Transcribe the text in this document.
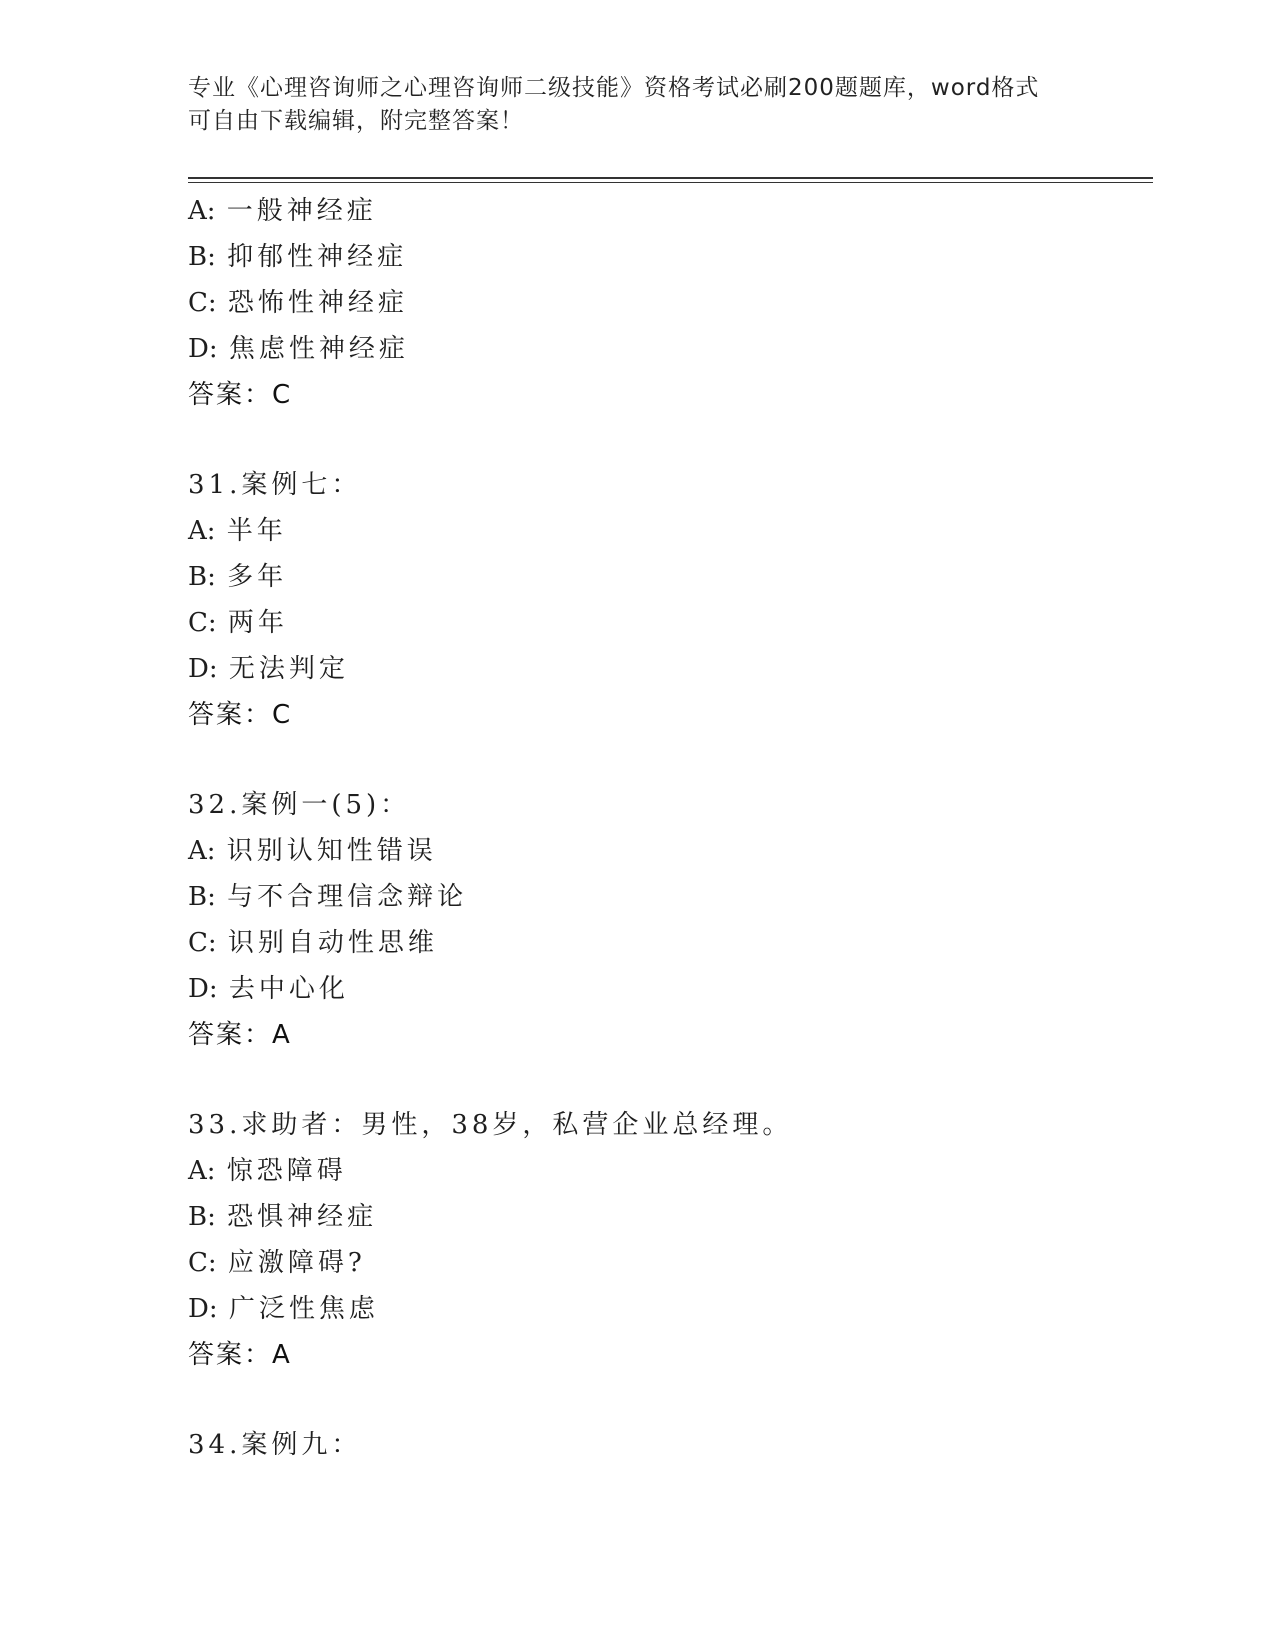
专业《心理咨询师之心理咨询师二级技能》资格考试必刷200题题库，word格式
可自由下载编辑，附完整答案！
A: 一般神经症
B: 抑郁性神经症
C: 恐怖性神经症
D: 焦虑性神经症
答案：C
31.案例七：
A: 半年
B: 多年
C: 两年
D: 无法判定
答案：C
32.案例一(5)：
A: 识别认知性错误
B: 与不合理信念辩论
C: 识别自动性思维
D: 去中心化
答案：A
33.求助者：男性，38岁，私营企业总经理。
A: 惊恐障碍
B: 恐惧神经症
C: 应激障碍?
D: 广泛性焦虑
答案：A
34.案例九：
